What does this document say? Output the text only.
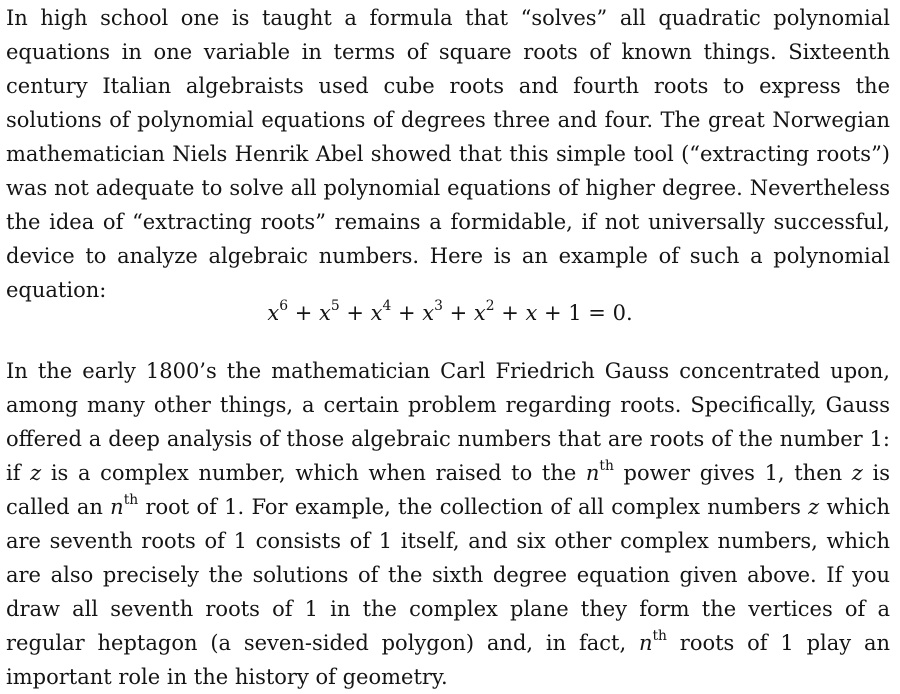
In high school one is taught a formula that “solves” all quadratic polynomial equations in one variable in terms of square roots of known things. Sixteenth century Italian algebraists used cube roots and fourth roots to express the solutions of polynomial equations of degrees three and four. The great Norwegian mathematician Niels Henrik Abel showed that this simple tool (“extracting roots”) was not adequate to solve all polynomial equations of higher degree. Nevertheless the idea of “extracting roots” remains a formidable, if not universally successful, device to analyze algebraic numbers. Here is an example of such a polynomial equation:

$x^6 + x^5 + x^4 + x^3 + x^2 + x + 1 = 0$.

In the early 1800’s the mathematician Carl Friedrich Gauss concentrated upon, among many other things, a certain problem regarding roots. Specifically, Gauss offered a deep analysis of those algebraic numbers that are roots of the number 1: if z is a complex number, which when raised to the $n^{th}$ power gives 1, then z is called an $n^{th}$ root of 1. For example, the collection of all complex numbers z which are seventh roots of 1 consists of 1 itself, and six other complex numbers, which are also precisely the solutions of the sixth degree equation given above. If you draw all seventh roots of 1 in the complex plane they form the vertices of a regular heptagon (a seven-sided polygon) and, in fact, $n^{th}$ roots of 1 play an important role in the history of geometry.
